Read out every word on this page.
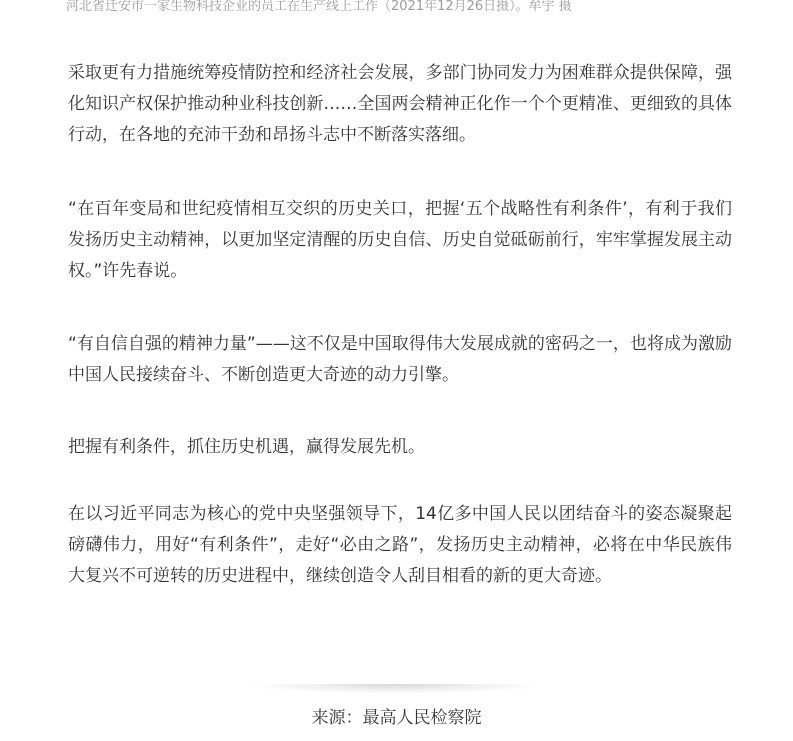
河北省迁安市一家生物科技企业的员工在生产线上工作（2021年12月26日摄）。牟宇 摄

采取更有力措施统筹疫情防控和经济社会发展，多部门协同发力为困难群众提供保障，强化知识产权保护推动种业科技创新……全国两会精神正化作一个个更精准、更细致的具体行动，在各地的充沛干劲和昂扬斗志中不断落实落细。

“在百年变局和世纪疫情相互交织的历史关口，把握‘五个战略性有利条件’，有利于我们发扬历史主动精神，以更加坚定清醒的历史自信、历史自觉砥砺前行，牢牢掌握发展主动权。”许先春说。

“有自信自强的精神力量”——这不仅是中国取得伟大发展成就的密码之一，也将成为激励中国人民接续奋斗、不断创造更大奇迹的动力引擎。

把握有利条件，抓住历史机遇，赢得发展先机。

在以习近平同志为核心的党中央坚强领导下，14亿多中国人民以团结奋斗的姿态凝聚起磅礴伟力，用好“有利条件”，走好“必由之路”，发扬历史主动精神，必将在中华民族伟大复兴不可逆转的历史进程中，继续创造令人刮目相看的新的更大奇迹。

来源：最高人民检察院
